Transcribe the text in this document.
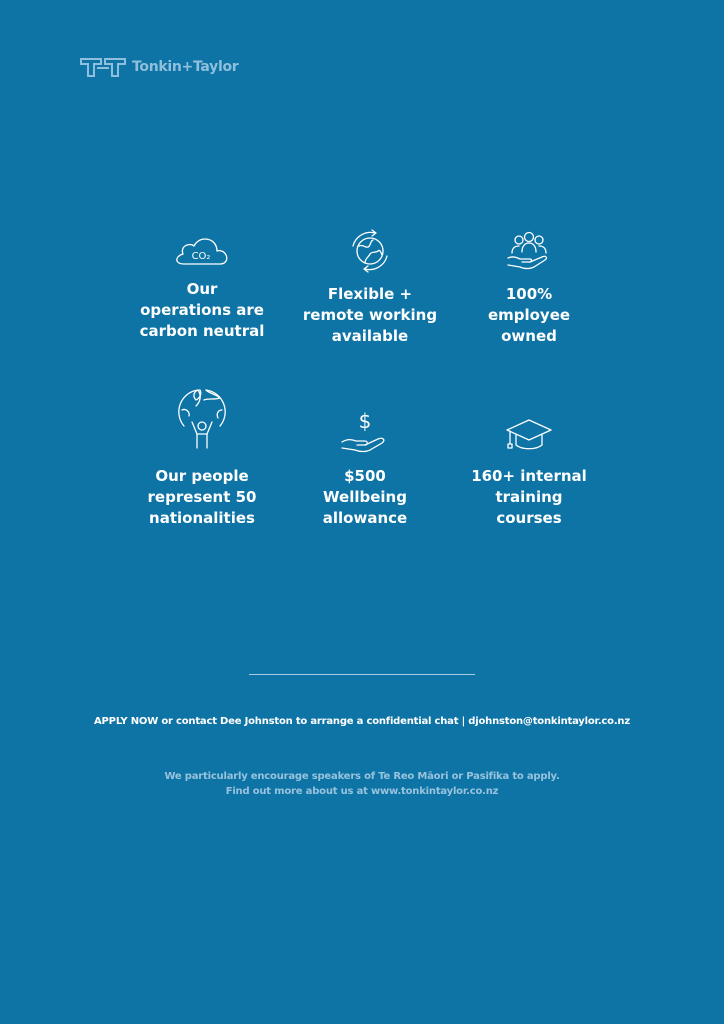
Tonkin+Taylor
CO₂
Our
operations are
carbon neutral
Flexible +
remote working
available
100%
employee
owned
Our people
represent 50
nationalities
$
$500
Wellbeing
allowance
160+ internal
training
courses
APPLY NOW or contact Dee Johnston to arrange a confidential chat | djohnston@tonkintaylor.co.nz
We particularly encourage speakers of Te Reo Māori or Pasifika to apply.
Find out more about us at www.tonkintaylor.co.nz
